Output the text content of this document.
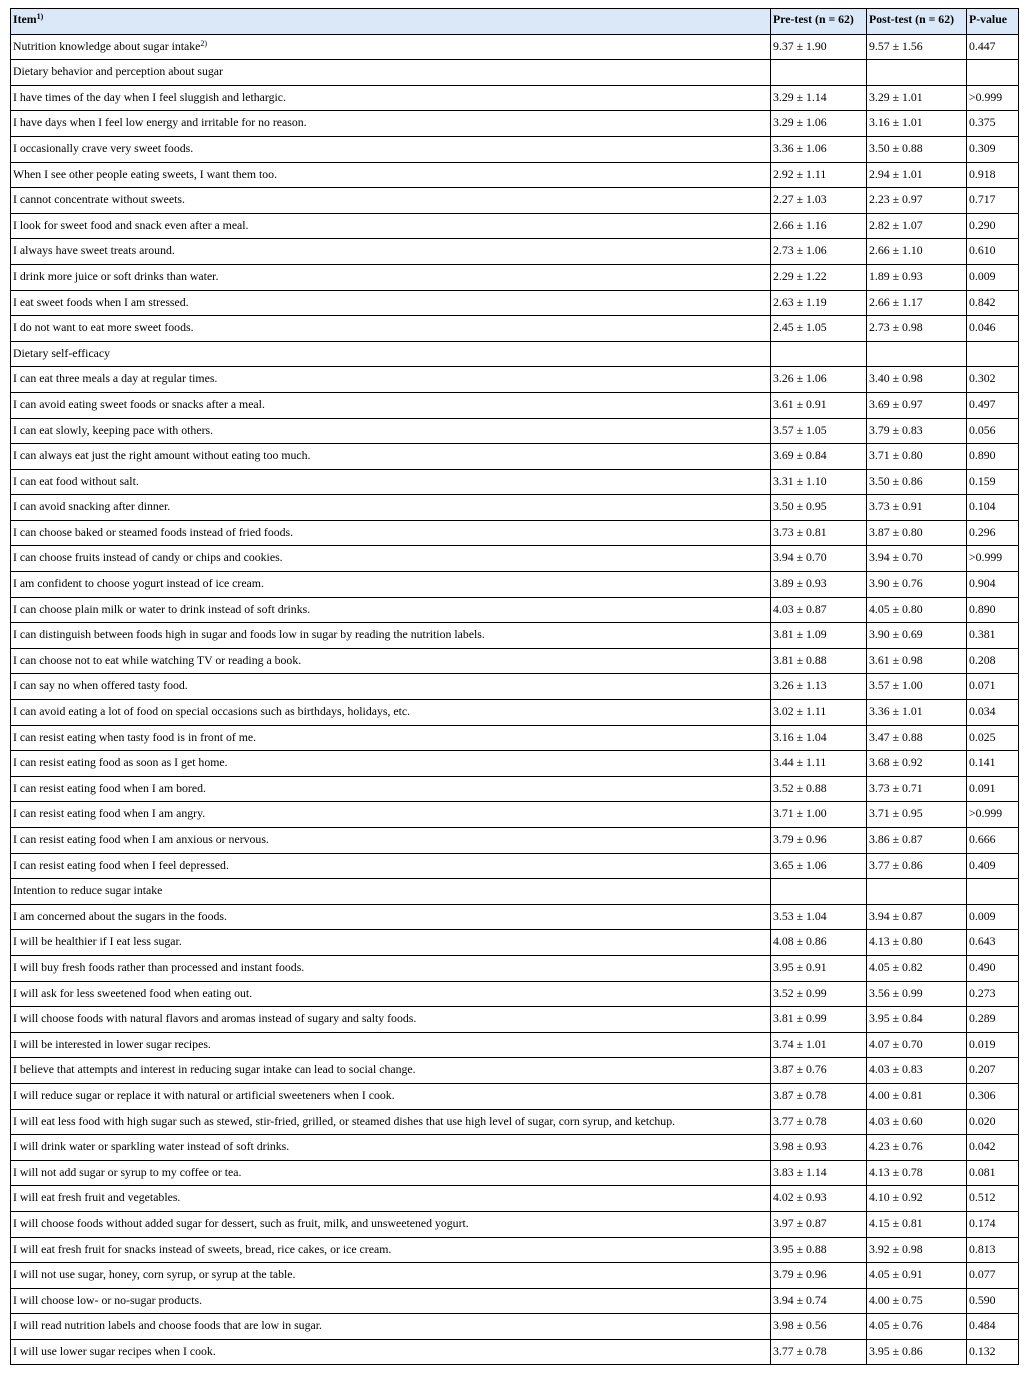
Item$^{1)}$	Pre-test (n = 62)	Post-test (n = 62)	P-value
Nutrition knowledge about sugar intake$^{2)}$	9.37 ± 1.90	9.57 ± 1.56	0.447
Dietary behavior and perception about sugar			
I have times of the day when I feel sluggish and lethargic.	3.29 ± 1.14	3.29 ± 1.01	>0.999
I have days when I feel low energy and irritable for no reason.	3.29 ± 1.06	3.16 ± 1.01	0.375
I occasionally crave very sweet foods.	3.36 ± 1.06	3.50 ± 0.88	0.309
When I see other people eating sweets, I want them too.	2.92 ± 1.11	2.94 ± 1.01	0.918
I cannot concentrate without sweets.	2.27 ± 1.03	2.23 ± 0.97	0.717
I look for sweet food and snack even after a meal.	2.66 ± 1.16	2.82 ± 1.07	0.290
I always have sweet treats around.	2.73 ± 1.06	2.66 ± 1.10	0.610
I drink more juice or soft drinks than water.	2.29 ± 1.22	1.89 ± 0.93	0.009
I eat sweet foods when I am stressed.	2.63 ± 1.19	2.66 ± 1.17	0.842
I do not want to eat more sweet foods.	2.45 ± 1.05	2.73 ± 0.98	0.046
Dietary self-efficacy			
I can eat three meals a day at regular times.	3.26 ± 1.06	3.40 ± 0.98	0.302
I can avoid eating sweet foods or snacks after a meal.	3.61 ± 0.91	3.69 ± 0.97	0.497
I can eat slowly, keeping pace with others.	3.57 ± 1.05	3.79 ± 0.83	0.056
I can always eat just the right amount without eating too much.	3.69 ± 0.84	3.71 ± 0.80	0.890
I can eat food without salt.	3.31 ± 1.10	3.50 ± 0.86	0.159
I can avoid snacking after dinner.	3.50 ± 0.95	3.73 ± 0.91	0.104
I can choose baked or steamed foods instead of fried foods.	3.73 ± 0.81	3.87 ± 0.80	0.296
I can choose fruits instead of candy or chips and cookies.	3.94 ± 0.70	3.94 ± 0.70	>0.999
I am confident to choose yogurt instead of ice cream.	3.89 ± 0.93	3.90 ± 0.76	0.904
I can choose plain milk or water to drink instead of soft drinks.	4.03 ± 0.87	4.05 ± 0.80	0.890
I can distinguish between foods high in sugar and foods low in sugar by reading the nutrition labels.	3.81 ± 1.09	3.90 ± 0.69	0.381
I can choose not to eat while watching TV or reading a book.	3.81 ± 0.88	3.61 ± 0.98	0.208
I can say no when offered tasty food.	3.26 ± 1.13	3.57 ± 1.00	0.071
I can avoid eating a lot of food on special occasions such as birthdays, holidays, etc.	3.02 ± 1.11	3.36 ± 1.01	0.034
I can resist eating when tasty food is in front of me.	3.16 ± 1.04	3.47 ± 0.88	0.025
I can resist eating food as soon as I get home.	3.44 ± 1.11	3.68 ± 0.92	0.141
I can resist eating food when I am bored.	3.52 ± 0.88	3.73 ± 0.71	0.091
I can resist eating food when I am angry.	3.71 ± 1.00	3.71 ± 0.95	>0.999
I can resist eating food when I am anxious or nervous.	3.79 ± 0.96	3.86 ± 0.87	0.666
I can resist eating food when I feel depressed.	3.65 ± 1.06	3.77 ± 0.86	0.409
Intention to reduce sugar intake			
I am concerned about the sugars in the foods.	3.53 ± 1.04	3.94 ± 0.87	0.009
I will be healthier if I eat less sugar.	4.08 ± 0.86	4.13 ± 0.80	0.643
I will buy fresh foods rather than processed and instant foods.	3.95 ± 0.91	4.05 ± 0.82	0.490
I will ask for less sweetened food when eating out.	3.52 ± 0.99	3.56 ± 0.99	0.273
I will choose foods with natural flavors and aromas instead of sugary and salty foods.	3.81 ± 0.99	3.95 ± 0.84	0.289
I will be interested in lower sugar recipes.	3.74 ± 1.01	4.07 ± 0.70	0.019
I believe that attempts and interest in reducing sugar intake can lead to social change.	3.87 ± 0.76	4.03 ± 0.83	0.207
I will reduce sugar or replace it with natural or artificial sweeteners when I cook.	3.87 ± 0.78	4.00 ± 0.81	0.306
I will eat less food with high sugar such as stewed, stir-fried, grilled, or steamed dishes that use high level of sugar, corn syrup, and ketchup.	3.77 ± 0.78	4.03 ± 0.60	0.020
I will drink water or sparkling water instead of soft drinks.	3.98 ± 0.93	4.23 ± 0.76	0.042
I will not add sugar or syrup to my coffee or tea.	3.83 ± 1.14	4.13 ± 0.78	0.081
I will eat fresh fruit and vegetables.	4.02 ± 0.93	4.10 ± 0.92	0.512
I will choose foods without added sugar for dessert, such as fruit, milk, and unsweetened yogurt.	3.97 ± 0.87	4.15 ± 0.81	0.174
I will eat fresh fruit for snacks instead of sweets, bread, rice cakes, or ice cream.	3.95 ± 0.88	3.92 ± 0.98	0.813
I will not use sugar, honey, corn syrup, or syrup at the table.	3.79 ± 0.96	4.05 ± 0.91	0.077
I will choose low- or no-sugar products.	3.94 ± 0.74	4.00 ± 0.75	0.590
I will read nutrition labels and choose foods that are low in sugar.	3.98 ± 0.56	4.05 ± 0.76	0.484
I will use lower sugar recipes when I cook.	3.77 ± 0.78	3.95 ± 0.86	0.132
